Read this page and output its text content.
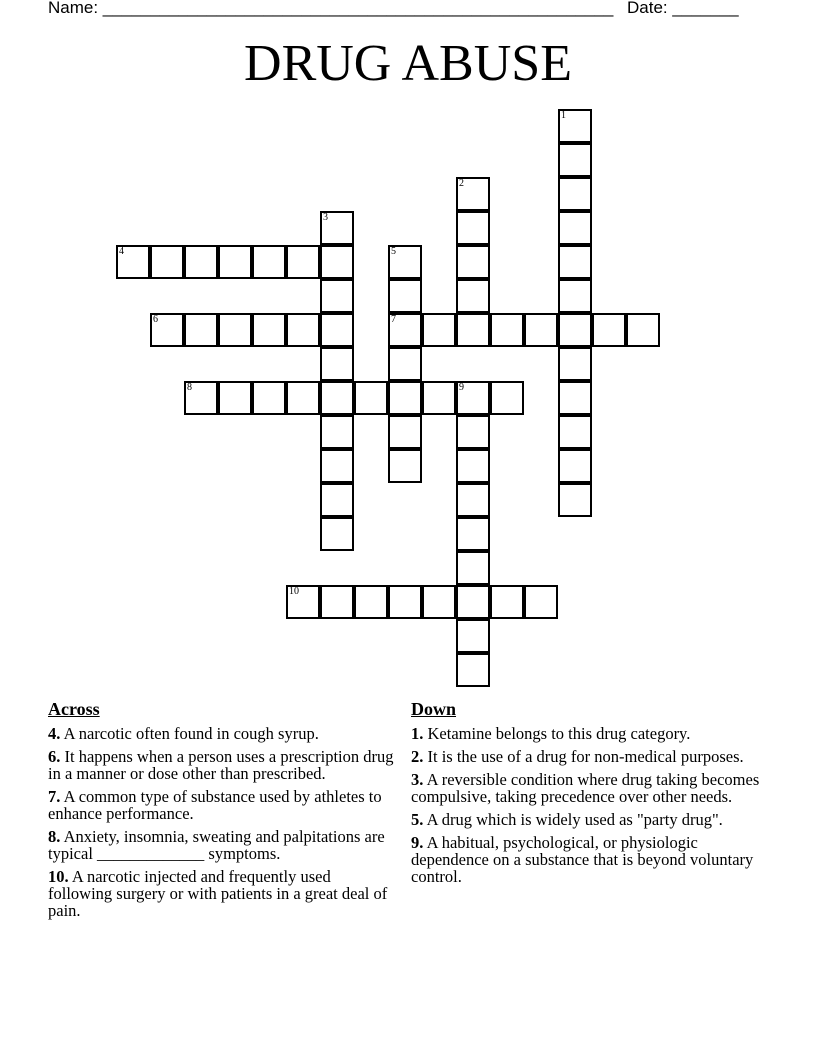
Name: ______________________________________________________ Date: _______
DRUG ABUSE
1
2
3
4	5
7
6
8	9
10
Across
4. A narcotic often found in cough syrup.
6. It happens when a person uses a prescription drug in a manner or dose other than prescribed.
7. A common type of substance used by athletes to enhance performance.
8. Anxiety, insomnia, sweating and palpitations are typical _____________ symptoms.
10. A narcotic injected and frequently used following surgery or with patients in a great deal of pain.
Down
1. Ketamine belongs to this drug category.
2. It is the use of a drug for non-medical purposes.
3. A reversible condition where drug taking becomes compulsive, taking precedence over other needs.
5. A drug which is widely used as "party drug".
9. A habitual, psychological, or physiologic dependence on a substance that is beyond voluntary control.
